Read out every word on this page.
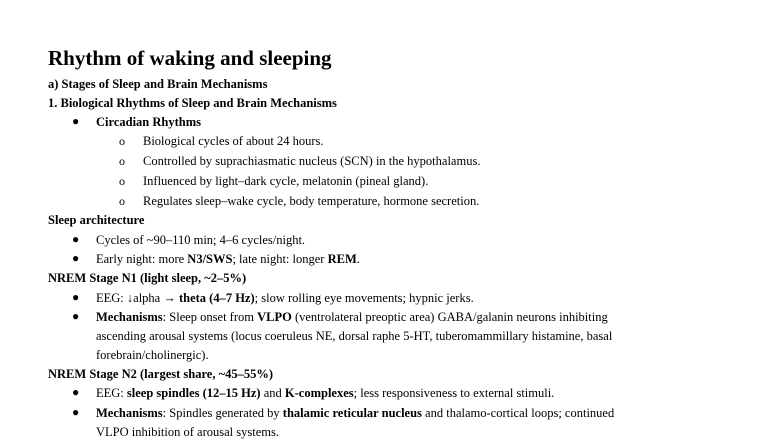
Rhythm of waking and sleeping
a) Stages of Sleep and Brain Mechanisms
1. Biological Rhythms of Sleep and Brain Mechanisms
● Circadian Rhythms
o Biological cycles of about 24 hours.
o Controlled by suprachiasmatic nucleus (SCN) in the hypothalamus.
o Influenced by light–dark cycle, melatonin (pineal gland).
o Regulates sleep–wake cycle, body temperature, hormone secretion.
Sleep architecture
● Cycles of ~90–110 min; 4–6 cycles/night.
● Early night: more N3/SWS; late night: longer REM.
NREM Stage N1 (light sleep, ~2–5%)
● EEG: ↓alpha → theta (4–7 Hz); slow rolling eye movements; hypnic jerks.
● Mechanisms: Sleep onset from VLPO (ventrolateral preoptic area) GABA/galanin neurons inhibiting
ascending arousal systems (locus coeruleus NE, dorsal raphe 5-HT, tuberomammillary histamine, basal
forebrain/cholinergic).
NREM Stage N2 (largest share, ~45–55%)
● EEG: sleep spindles (12–15 Hz) and K-complexes; less responsiveness to external stimuli.
● Mechanisms: Spindles generated by thalamic reticular nucleus and thalamo-cortical loops; continued
VLPO inhibition of arousal systems.
